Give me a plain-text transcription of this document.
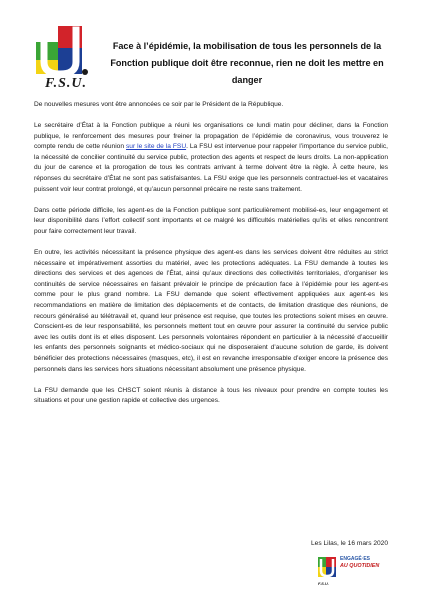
F.S.U.
Face à l’épidémie, la mobilisation de tous les personnels de la Fonction publique doit être reconnue, rien ne doit les mettre en danger

De nouvelles mesures vont être annoncées ce soir par le Président de la République.

Le secrétaire d’État à la Fonction publique a réuni les organisations ce lundi matin pour décliner, dans la Fonction publique, le renforcement des mesures pour freiner la propagation de l’épidémie de coronavirus, vous trouverez le compte rendu de cette réunion sur le site de la FSU. La FSU est intervenue pour rappeler l’importance du service public, la nécessité de concilier continuité du service public, protection des agents et respect de leurs droits. La non-application du jour de carence et la prorogation de tous les contrats arrivant à terme doivent être la règle. À cette heure, les réponses du secrétaire d’État ne sont pas satisfaisantes. La FSU exige que les personnels contractuel-les et vacataires puissent voir leur contrat prolongé, et qu’aucun personnel précaire ne reste sans traitement.

Dans cette période difficile, les agent-es de la Fonction publique sont particulièrement mobilisé-es, leur engagement et leur disponibilité dans l’effort collectif sont importants et ce malgré les difficultés matérielles qu’ils et elles rencontrent pour faire correctement leur travail.

En outre, les activités nécessitant la présence physique des agent-es dans les services doivent être réduites au strict nécessaire et impérativement assorties du matériel, avec les protections adéquates. La FSU demande à toutes les directions des services et des agences de l’État, ainsi qu’aux directions des collectivités territoriales, d’organiser les continuités de service nécessaires en faisant prévaloir le principe de précaution face à l’épidémie pour les agent-es comme pour le plus grand nombre. La FSU demande que soient effectivement appliquées aux agent-es les recommandations en matière de limitation des déplacements et de contacts, de limitation drastique des réunions, de recours généralisé au télétravail et, quand leur présence est requise, que toutes les protections soient mises en œuvre. Conscient-es de leur responsabilité, les personnels mettent tout en œuvre pour assurer la continuité du service public avec les outils dont ils et elles disposent. Les personnels volontaires répondent en particulier à la nécessité d’accueillir les enfants des personnels soignants et médico-sociaux qui ne disposeraient d’aucune solution de garde, ils doivent bénéficier des protections nécessaires (masques, etc), il est en revanche irresponsable d’exiger encore la présence des personnels dans les services hors situations nécessitant absolument une présence physique.

La FSU demande que les CHSCT soient réunis à distance à tous les niveaux pour prendre en compte toutes les situations et pour une gestion rapide et collective des urgences.

Les Lilas, le 16 mars 2020
F.S.U.
ENGAGÉ·ES
AU QUOTIDIEN
